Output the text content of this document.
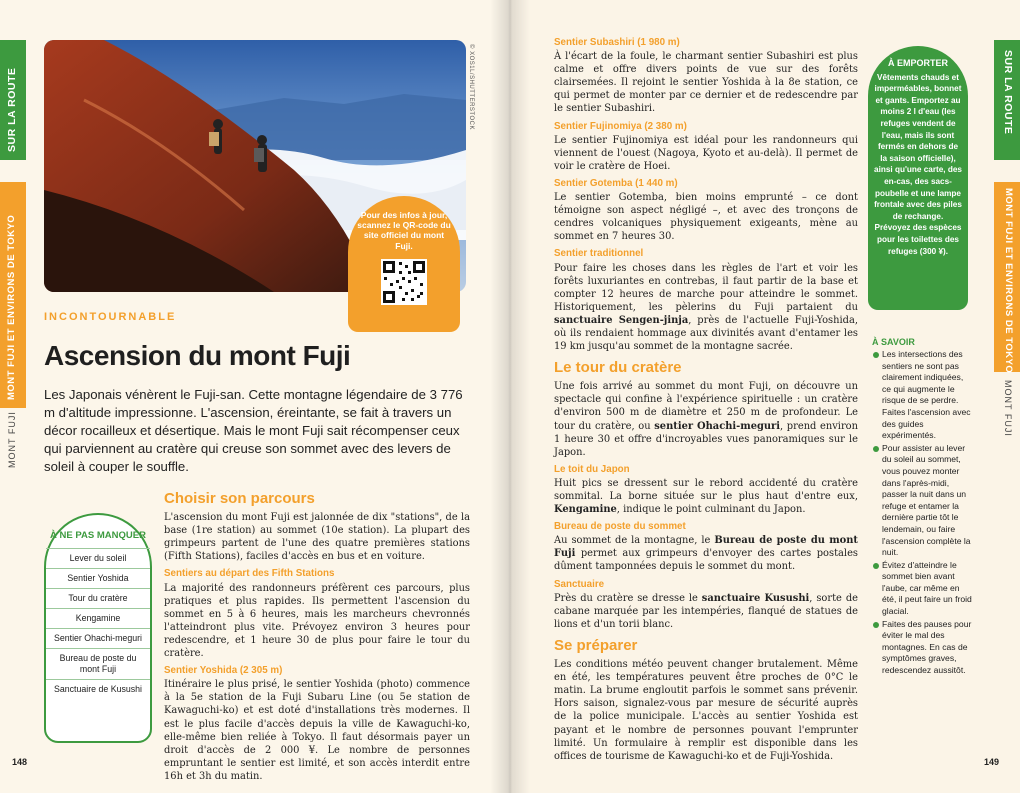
SUR LA ROUTE
MONT FUJI ET ENVIRONS DE TOKYO
MONT FUJI
© XOS1L/SHUTTERSTOCK
Pour des infos à jour, scannez le QR-code du site officiel du mont Fuji.
INCONTOURNABLE
Ascension du mont Fuji

Les Japonais vénèrent le Fuji-san. Cette montagne légendaire de 3 776 m d'altitude impressionne. L'ascension, éreintante, se fait à travers un décor rocailleux et désertique. Mais le mont Fuji sait récompenser ceux qui parviennent au cratère qui creuse son sommet avec des levers de soleil à couper le souffle.

À NE PAS MANQUER
Lever du soleil
Sentier Yoshida
Tour du cratère
Kengamine
Sentier Ohachi-meguri
Bureau de poste du mont Fuji
Sanctuaire de Kusushi
Choisir son parcours

L'ascension du mont Fuji est jalonnée de dix "stations", de la base (1re station) au sommet (10e station). La plupart des grimpeurs partent de l'une des quatre premières stations (Fifth Stations), faciles d'accès en bus et en voiture.

Sentiers au départ des Fifth Stations

La majorité des randonneurs préfèrent ces parcours, plus pratiques et plus rapides. Ils permettent l'ascension du sommet en 5 à 6 heures, mais les marcheurs chevronnés l'atteindront plus vite. Prévoyez environ 3 heures pour redescendre, et 1 heure 30 de plus pour faire le tour du cratère.

Sentier Yoshida (2 305 m)

Itinéraire le plus prisé, le sentier Yoshida (photo) commence à la 5e station de la Fuji Subaru Line (ou 5e station de Kawaguchi-ko) et est doté d'installations très modernes. Il est le plus facile d'accès depuis la ville de Kawaguchi-ko, elle-même bien reliée à Tokyo. Il faut désormais payer un droit d'accès de 2 000 ¥. Le nombre de personnes empruntant le sentier est limité, et son accès interdit entre 16h et 3h du matin.

148
Sentier Subashiri (1 980 m)

À l'écart de la foule, le charmant sentier Subashiri est plus calme et offre divers points de vue sur des forêts clairsemées. Il rejoint le sentier Yoshida à la 8e station, ce qui permet de monter par ce dernier et de redescendre par le sentier Subashiri.

Sentier Fujinomiya (2 380 m)

Le sentier Fujinomiya est idéal pour les randonneurs qui viennent de l'ouest (Nagoya, Kyoto et au-delà). Il permet de voir le cratère de Hoei.

Sentier Gotemba (1 440 m)

Le sentier Gotemba, bien moins emprunté – ce dont témoigne son aspect négligé –, et avec des tronçons de cendres volcaniques physiquement exigeants, mène au sommet en 7 heures 30.

Sentier traditionnel

Pour faire les choses dans les règles de l'art et voir les forêts luxuriantes en contrebas, il faut partir de la base et compter 12 heures de marche pour atteindre le sommet. Historiquement, les pèlerins du Fuji partaient du sanctuaire Sengen-jinja, près de l'actuelle Fuji-Yoshida, où ils rendaient hommage aux divinités avant d'entamer les 19 km jusqu'au sommet de la montagne sacrée.

Le tour du cratère

Une fois arrivé au sommet du mont Fuji, on découvre un spectacle qui confine à l'expérience spirituelle : un cratère d'environ 500 m de diamètre et 250 m de profondeur. Le tour du cratère, ou sentier Ohachi-meguri, prend environ 1 heure 30 et offre d'incroyables vues panoramiques sur le Japon.

Le toit du Japon

Huit pics se dressent sur le rebord accidenté du cratère sommital. La borne située sur le plus haut d'entre eux, Kengamine, indique le point culminant du Japon.

Bureau de poste du sommet

Au sommet de la montagne, le Bureau de poste du mont Fuji permet aux grimpeurs d'envoyer des cartes postales dûment tamponnées depuis le sommet du mont.

Sanctuaire

Près du cratère se dresse le sanctuaire Kusushi, sorte de cabane marquée par les intempéries, flanqué de statues de lions et d'un torii blanc.

Se préparer

Les conditions météo peuvent changer brutalement. Même en été, les températures peuvent être proches de 0°C le matin. La brume engloutit parfois le sommet sans prévenir. Hors saison, signalez-vous par mesure de sécurité auprès de la police municipale. L'accès au sentier Yoshida est payant et le nombre de personnes pouvant l'emprunter limité. Un formulaire à remplir est disponible dans les offices de tourisme de Kawaguchi-ko et de Fuji-Yoshida.

À EMPORTER
Vêtements chauds et imperméables, bonnet et gants. Emportez au moins 2 l d'eau (les refuges vendent de l'eau, mais ils sont fermés en dehors de la saison officielle), ainsi qu'une carte, des en-cas, des sacs-poubelle et une lampe frontale avec des piles de rechange. Prévoyez des espèces pour les toilettes des refuges (300 ¥).
À SAVOIR
Les intersections des sentiers ne sont pas clairement indiquées, ce qui augmente le risque de se perdre. Faites l'ascension avec des guides expérimentés.
Pour assister au lever du soleil au sommet, vous pouvez monter dans l'après-midi, passer la nuit dans un refuge et entamer la dernière partie tôt le lendemain, ou faire l'ascension complète la nuit.
Évitez d'atteindre le sommet bien avant l'aube, car même en été, il peut faire un froid glacial.
Faites des pauses pour éviter le mal des montagnes. En cas de symptômes graves, redescendez aussitôt.
SUR LA ROUTE
MONT FUJI ET ENVIRONS DE TOKYO
MONT FUJI
149
